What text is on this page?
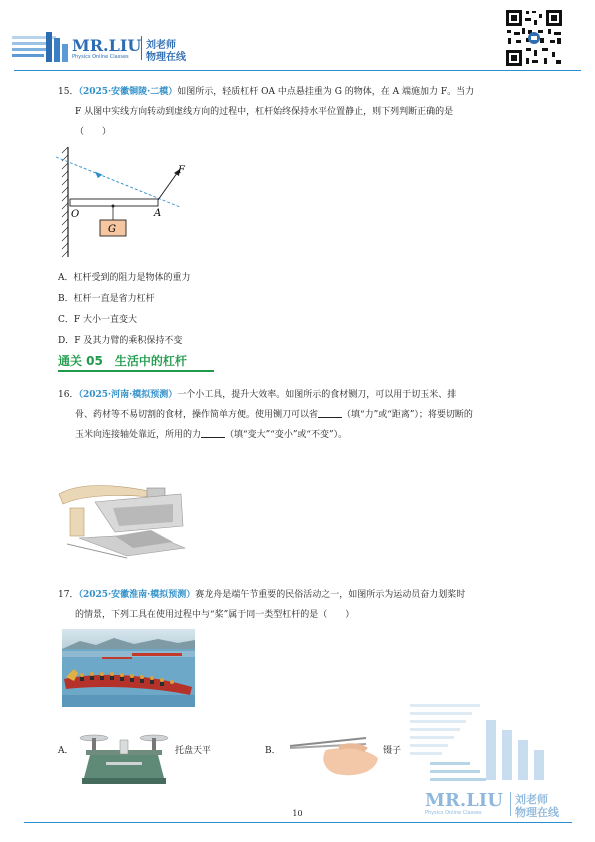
MR.LIU
Physics Online Classes
刘老师
物理在线
15．（2025·安徽铜陵·二模）如图所示，轻质杠杆 OA 中点悬挂重为 G 的物体，在 A 端施加力 F。当力
F 从图中实线方向转动到虚线方向的过程中，杠杆始终保持水平位置静止，则下列判断正确的是
（　　）
F
O	A
G
A．杠杆受到的阻力是物体的重力
B．杠杆一直是省力杠杆
C．F 大小一直变大
D．F 及其力臂的乘积保持不变
通关 05　生活中的杠杆
16．（2025·河南·模拟预测）一个小工具，提升大效率。如图所示的食材铡刀，可以用于切玉米、排
骨、药材等不易切割的食材，操作简单方便。使用铡刀可以省	（填“力”或“距离”）；将要切断的
玉米向连接轴处靠近，所用的力	（填“变大”“变小”或“不变”）。
17．（2025·安徽淮南·模拟预测）赛龙舟是端午节重要的民俗活动之一，如图所示为运动员奋力划桨时
的情景，下列工具在使用过程中与“桨”属于同一类型杠杆的是（　　）
A．	托盘天平	B．	镊子
MR.LIU
Physics Online Classes
刘老师
物理在线
10
